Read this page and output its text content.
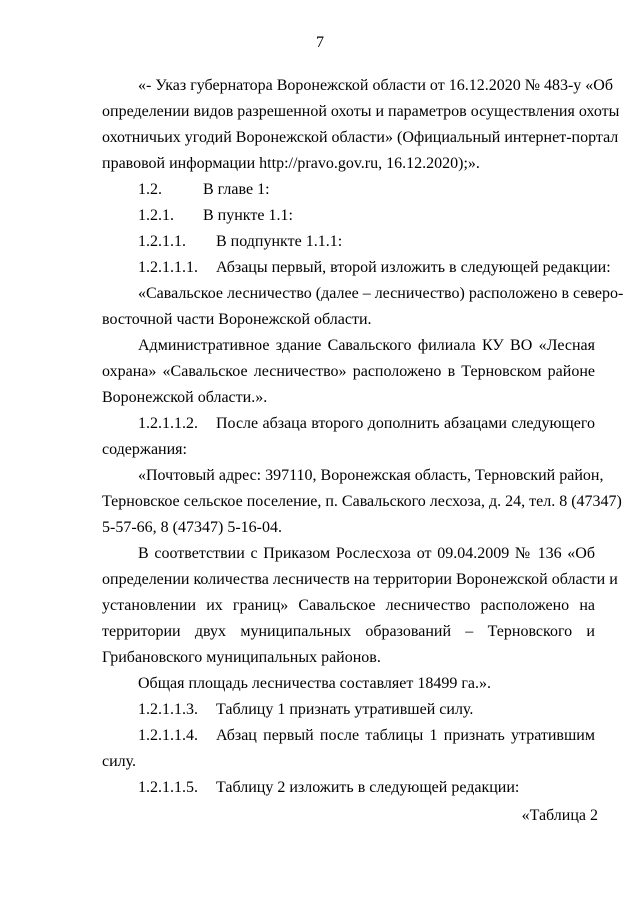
7
«- Указ губернатора Воронежской области от 16.12.2020 № 483-у «Об
определении видов разрешенной охоты и параметров осуществления охоты
охотничьих угодий Воронежской области» (Официальный интернет-портал
правовой информации http://pravo.gov.ru, 16.12.2020);».
1.2.	В главе 1:
1.2.1. В пункте 1.1:
1.2.1.1. В подпункте 1.1.1:
1.2.1.1.1. Абзацы первый, второй изложить в следующей редакции:
«Савальское лесничество (далее – лесничество) расположено в северо-
восточной части Воронежской области.
Административное здание Савальского филиала КУ ВО «Лесная
охрана» «Савальское лесничество» расположено в Терновском районе
Воронежской области.».
1.2.1.1.2. После абзаца второго дополнить абзацами следующего
содержания:
«Почтовый адрес: 397110, Воронежская область, Терновский район,
Терновское сельское поселение, п. Савальского лесхоза, д. 24, тел. 8 (47347)
5-57-66, 8 (47347) 5-16-04.
В соответствии с Приказом Рослесхоза от 09.04.2009 № 136 «Об
определении количества лесничеств на территории Воронежской области и
установлении их границ» Савальское лесничество расположено на
территории двух муниципальных образований – Терновского и
Грибановского муниципальных районов.
Общая площадь лесничества составляет 18499 га.».
1.2.1.1.3. Таблицу 1 признать утратившей силу.
1.2.1.1.4. Абзац первый после таблицы 1 признать утратившим
силу.
1.2.1.1.5. Таблицу 2 изложить в следующей редакции:
«Таблица 2
